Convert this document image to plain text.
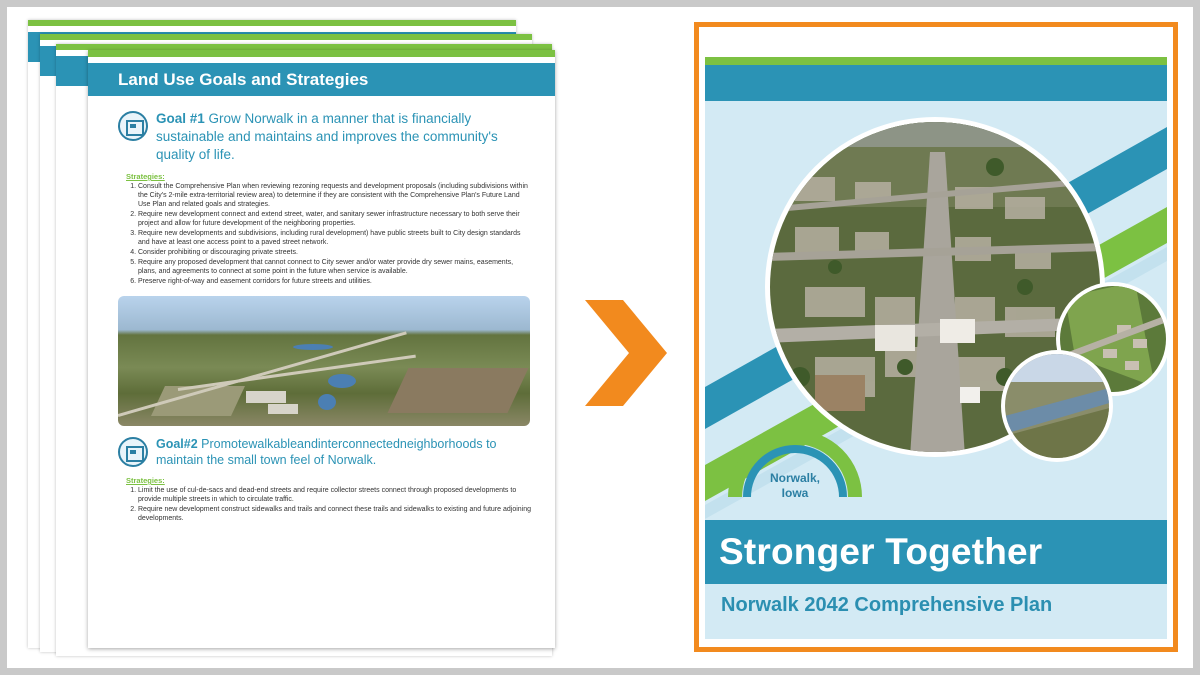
Land Use Goals and Strategies
Goal #1 Grow Norwalk in a manner that is financially sustainable and maintains and improves the community's quality of life.
Strategies:
1. Consult the Comprehensive Plan when reviewing rezoning requests and development proposals (including subdivisions within the City's 2-mile extra-territorial review area) to determine if they are consistent with the Comprehensive Plan's Future Land Use Plan and related goals and strategies.
2. Require new development connect and extend street, water, and sanitary sewer infrastructure necessary to both serve their project and allow for future development of the neighboring properties.
3. Require new developments and subdivisions, including rural development) have public streets built to City design standards and have at least one access point to a paved street network.
4. Consider prohibiting or discouraging private streets.
5. Require any proposed development that cannot connect to City sewer and/or water provide dry sewer mains, easements, plans, and agreements to connect at some point in the future when service is available.
6. Preserve right-of-way and easement corridors for future streets and utilities.
Goal#2 Promotewalkableandinterconnectedneighborhoods to maintain the small town feel of Norwalk.
Strategies:
1. Limit the use of cul-de-sacs and dead-end streets and require collector streets connect through proposed developments to provide multiple streets in which to circulate traffic.
2. Require new development construct sidewalks and trails and connect these trails and sidewalks to existing and future adjoining developments.
Norwalk,
Iowa
Stronger Together
Norwalk 2042 Comprehensive Plan
